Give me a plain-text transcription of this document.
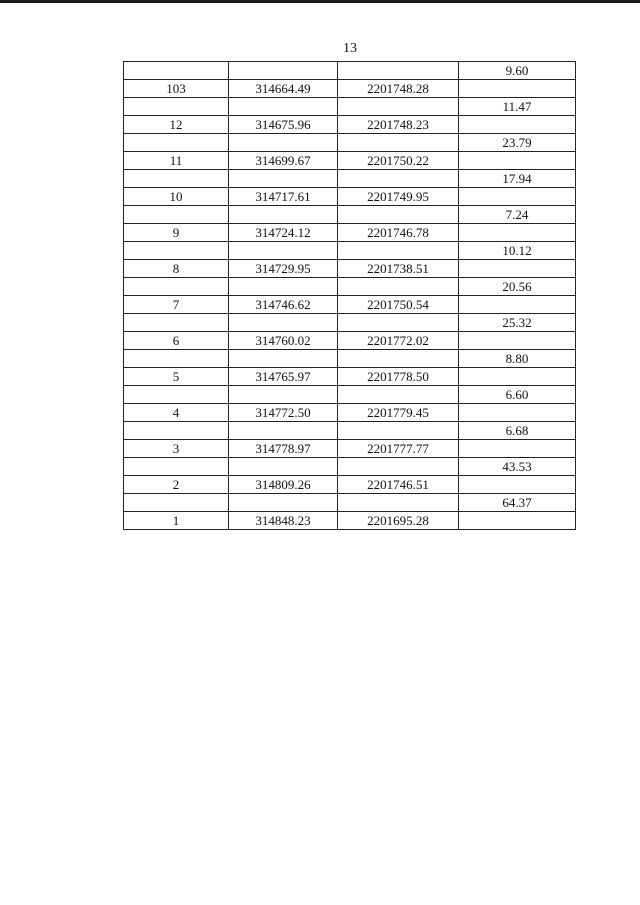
13
			9.60
103	314664.49	2201748.28	
			11.47
12	314675.96	2201748.23	
			23.79
11	314699.67	2201750.22	
			17.94
10	314717.61	2201749.95	
			7.24
9	314724.12	2201746.78	
			10.12
8	314729.95	2201738.51	
			20.56
7	314746.62	2201750.54	
			25.32
6	314760.02	2201772.02	
			8.80
5	314765.97	2201778.50	
			6.60
4	314772.50	2201779.45	
			6.68
3	314778.97	2201777.77	
			43.53
2	314809.26	2201746.51	
			64.37
1	314848.23	2201695.28	
